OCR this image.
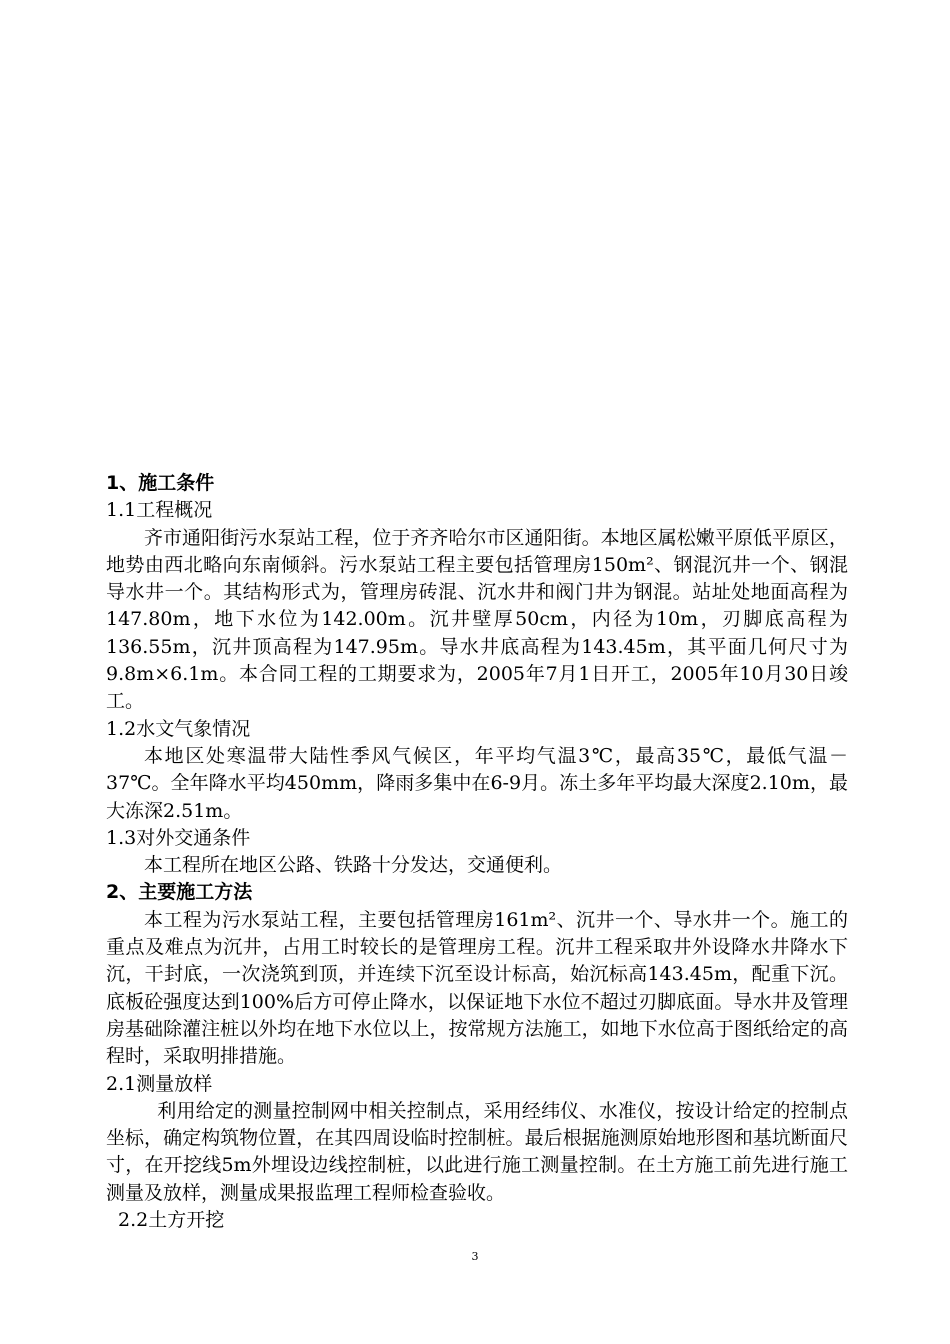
1、施工条件

1.1工程概况

齐市通阳街污水泵站工程，位于齐齐哈尔市区通阳街。本地区属松嫩平原低平原区，地势由西北略向东南倾斜。污水泵站工程主要包括管理房150m²、钢混沉井一个、钢混导水井一个。其结构形式为，管理房砖混、沉水井和阀门井为钢混。站址处地面高程为147.80m，地下水位为142.00m。沉井壁厚50cm，内径为10m，刃脚底高程为136.55m，沉井顶高程为147.95m。导水井底高程为143.45m，其平面几何尺寸为9.8m×6.1m。本合同工程的工期要求为，2005年7月1日开工，2005年10月30日竣工。

1.2水文气象情况

本地区处寒温带大陆性季风气候区，年平均气温3℃，最高35℃，最低气温－37℃。全年降水平均450mm，降雨多集中在6-9月。冻土多年平均最大深度2.10m，最大冻深2.51m。

1.3对外交通条件

本工程所在地区公路、铁路十分发达，交通便利。

2、主要施工方法

本工程为污水泵站工程，主要包括管理房161m²、沉井一个、导水井一个。施工的重点及难点为沉井，占用工时较长的是管理房工程。沉井工程采取井外设降水井降水下沉，干封底，一次浇筑到顶，并连续下沉至设计标高，始沉标高143.45m，配重下沉。底板砼强度达到100%后方可停止降水，以保证地下水位不超过刃脚底面。导水井及管理房基础除灌注桩以外均在地下水位以上，按常规方法施工，如地下水位高于图纸给定的高程时，采取明排措施。

2.1测量放样

利用给定的测量控制网中相关控制点，采用经纬仪、水准仪，按设计给定的控制点坐标，确定构筑物位置，在其四周设临时控制桩。最后根据施测原始地形图和基坑断面尺寸，在开挖线5m外埋设边线控制桩，以此进行施工测量控制。在土方施工前先进行施工测量及放样，测量成果报监理工程师检查验收。

2.2土方开挖

3
